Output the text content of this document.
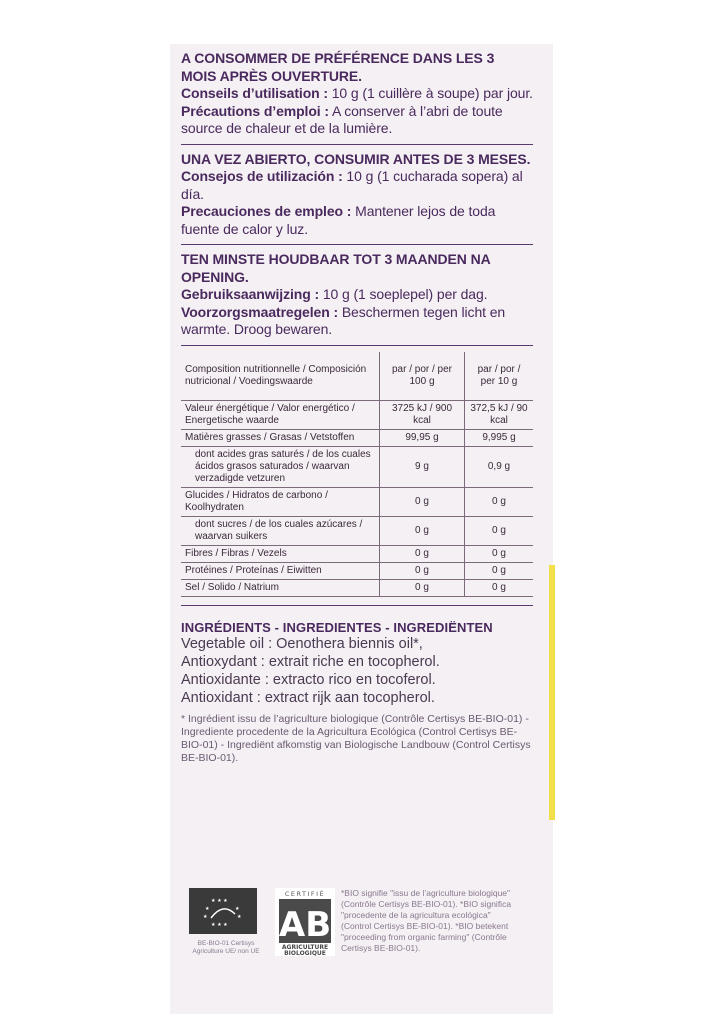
A CONSOMMER DE PRÉFÉRENCE DANS LES 3 MOIS APRÈS OUVERTURE.
Conseils d’utilisation : 10 g (1 cuillère à soupe) par jour.
Précautions d’emploi : A conserver à l’abri de toute source de chaleur et de la lumière.
UNA VEZ ABIERTO, CONSUMIR ANTES DE 3 MESES.
Consejos de utilización : 10 g (1 cucharada sopera) al día.
Precauciones de empleo : Mantener lejos de toda fuente de calor y luz.
TEN MINSTE HOUDBAAR TOT 3 MAANDEN NA OPENING.
Gebruiksaanwijzing : 10 g (1 soeplepel) per dag.
Voorzorgsmaatregelen : Beschermen tegen licht en warmte. Droog bewaren.
Composition nutritionnelle / Composición nutricional / Voedingswaarde	par / por / per 100 g	par / por / per 10 g
Valeur énergétique / Valor energético / Energetische waarde	3725 kJ / 900 kcal	372,5 kJ / 90 kcal
Matières grasses / Grasas / Vetstoffen	99,95 g	9,995 g
dont acides gras saturés / de los cuales ácidos grasos saturados / waarvan verzadigde vetzuren	9 g	0,9 g
Glucides / Hidratos de carbono / Koolhydraten	0 g	0 g
dont sucres / de los cuales azúcares / waarvan suikers	0 g	0 g
Fibres / Fibras / Vezels	0 g	0 g
Protéines / Proteínas / Eiwitten	0 g	0 g
Sel / Solido / Natrium	0 g	0 g
INGRÉDIENTS - INGREDIENTES - INGREDIËNTEN
Vegetable oil : Oenothera biennis oil*,
Antioxydant : extrait riche en tocopherol.
Antioxidante : extracto rico en tocoferol.
Antioxidant : extract rijk aan tocopherol.
* Ingrédient issu de l’agriculture biologique (Contrôle Certisys BE-BIO-01) - Ingrediente procedente de la Agricultura Ecológica (Control Certisys BE-BIO-01) - Ingrediënt afkomstig van Biologische Landbouw (Control Certisys BE-BIO-01).
★ ★ ★
★	★
★	★
★ ★ ★
BE-BIO-01 Certisys Agriculture UE/ non UE
CERTIFIÉ
AB
AGRICULTURE
BIOLOGIQUE
*BIO signifie "issu de l’agriculture biologique" (Contrôle Certisys BE-BIO-01). *BIO significa "procedente de la agricultura ecológica" (Control Certisys BE-BIO-01). *BIO betekent "proceeding from organic farming" (Contrôle Certisys BE-BIO-01).
